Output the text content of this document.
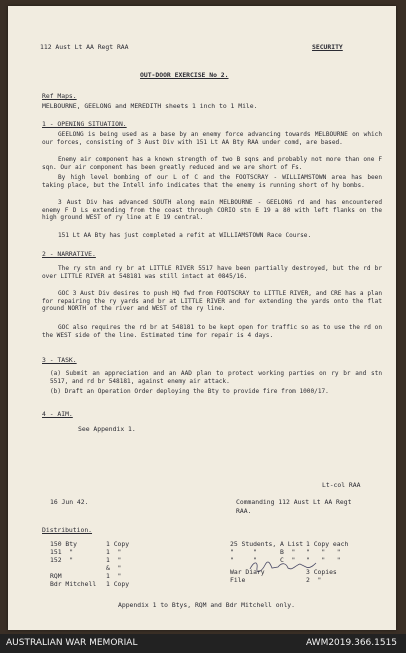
112 Aust Lt AA Regt RAA	SECURITY
OUT-DOOR EXERCISE No 2.
Ref Maps.
MELBOURNE, GEELONG and MEREDITH sheets 1 inch to 1 Mile.
1 - OPENING SITUATION.
GEELONG is being used as a base by an enemy force advancing towards MELBOURNE on which our forces, consisting of 3 Aust Div with 151 Lt AA Bty RAA under comd, are based.
Enemy air component has a known strength of two B sqns and probably not more than one F sqn. Our air component has been greatly reduced and we are short of Fs.
By high level bombing of our L of C and the FOOTSCRAY - WILLIAMSTOWN area has been taking place, but the Intell info indicates that the enemy is running short of hy bombs.
3 Aust Div has advanced SOUTH along main MELBOURNE - GEELONG rd and has encountered enemy F D Ls extending from the coast through CORIO stn E 19 a 80 with left flanks on the high ground WEST of ry line at E 19 central.
151 Lt AA Bty has just completed a refit at WILLIAMSTOWN Race Course.
2 - NARRATIVE.
The ry stn and ry br at LITTLE RIVER 5517 have been partially destroyed, but the rd br over LITTLE RIVER at 548181 was still intact at 0845/16.
GOC 3 Aust Div desires to push HQ fwd from FOOTSCRAY to LITTLE RIVER, and CRE has a plan for repairing the ry yards and br at LITTLE RIVER and for extending the yards onto the flat ground NORTH of the river and WEST of the ry line.
GOC also requires the rd br at 548181 to be kept open for traffic so as to use the rd on the WEST side of the line. Estimated time for repair is 4 days.
3 - TASK.
(a) Submit an appreciation and an AAD plan to protect working parties on ry br and stn 5517, and rd br 548181, against enemy air attack.
(b) Draft an Operation Order deploying the Bty to provide fire from 1000/17.
4 - AIM.
See Appendix 1.
Lt-col RAA
16 Jun 42.	Commanding 112 Aust Lt AA Regt
RAA.
Distribution.
150 Bty	1 Copy
151  "	1  "
152  "	1  "
&  "
RQM	1  "
Bdr Mitchell 1 Copy
25 Students, A List 1 Copy each
"     "      B  " "   "   "
"     "      C  " "   "   "
War Diary	3 Copies
File	2  "
Appendix 1 to Btys, RQM and Bdr Mitchell only.
AUSTRALIAN WAR MEMORIAL	AWM2019.366.1515
